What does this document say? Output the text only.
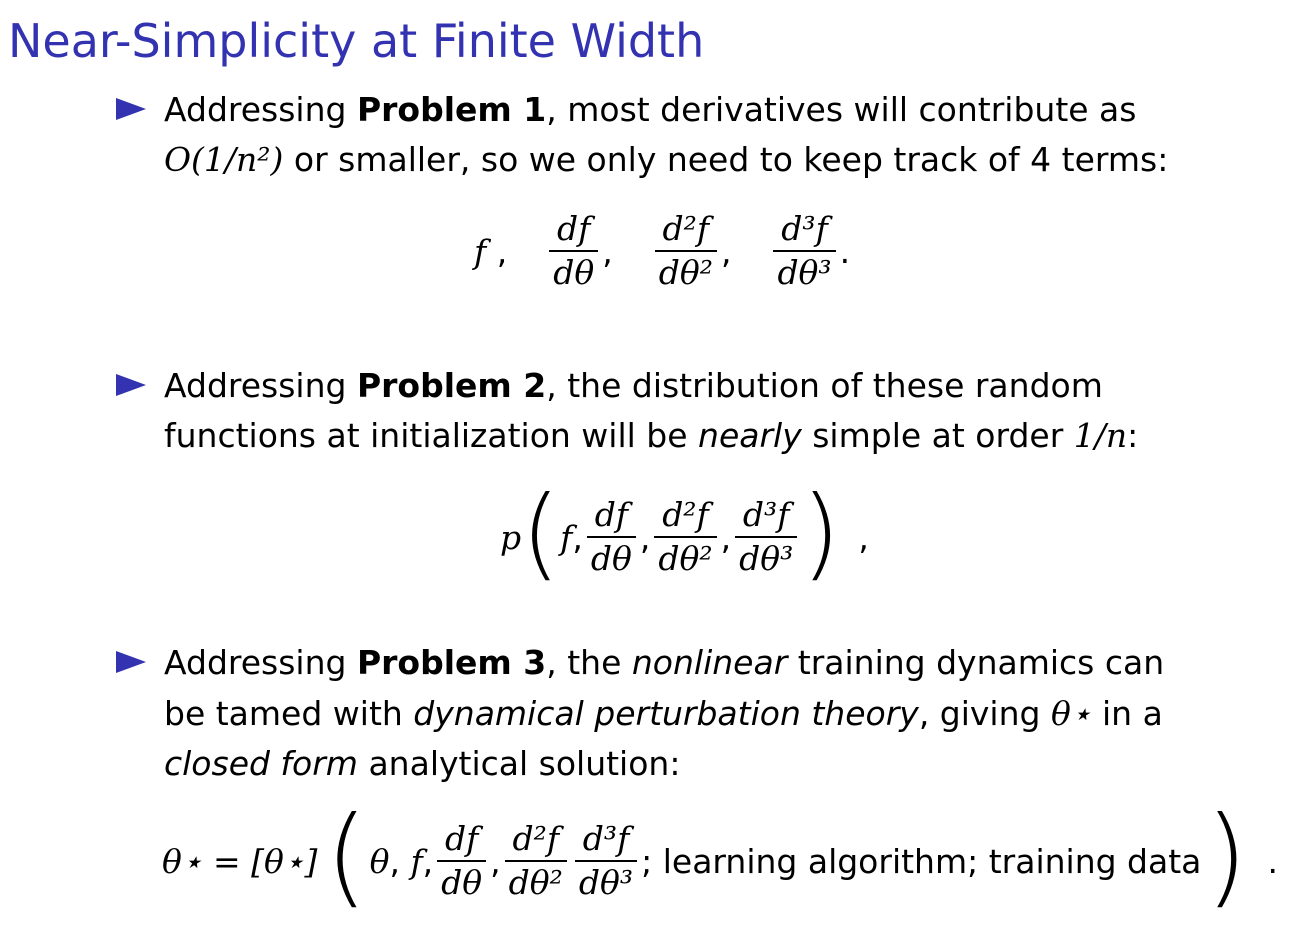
Near-Simplicity at Finite Width
Addressing Problem 1, most derivatives will contribute as
O(1/n²) or smaller, so we only need to keep track of 4 terms:
f , $\frac{df}{d\theta}$ , $\frac{\text{d²f}}{\text{dθ²}}$ , $\frac{\text{d³f}}{\text{dθ³}}$ .
Addressing Problem 2, the distribution of these random
functions at initialization will be nearly simple at order 1/n:
p ( f , $\frac{df}{d\theta}$ , $\frac{\text{d²f}}{\text{dθ²}}$ , $\frac{\text{d³f}}{\text{dθ³}}$ ) ,
Addressing Problem 3, the nonlinear training dynamics can
be tamed with dynamical perturbation theory, giving θ⋆ in a
closed form analytical solution:
θ⋆ = [θ⋆] ( θ , f , $\frac{df}{d\theta}$ , $\frac{\text{d²f}}{\text{dθ²}} \frac{\text{d³f}}{\text{dθ³}}$ ; learning algorithm; training data ) .
